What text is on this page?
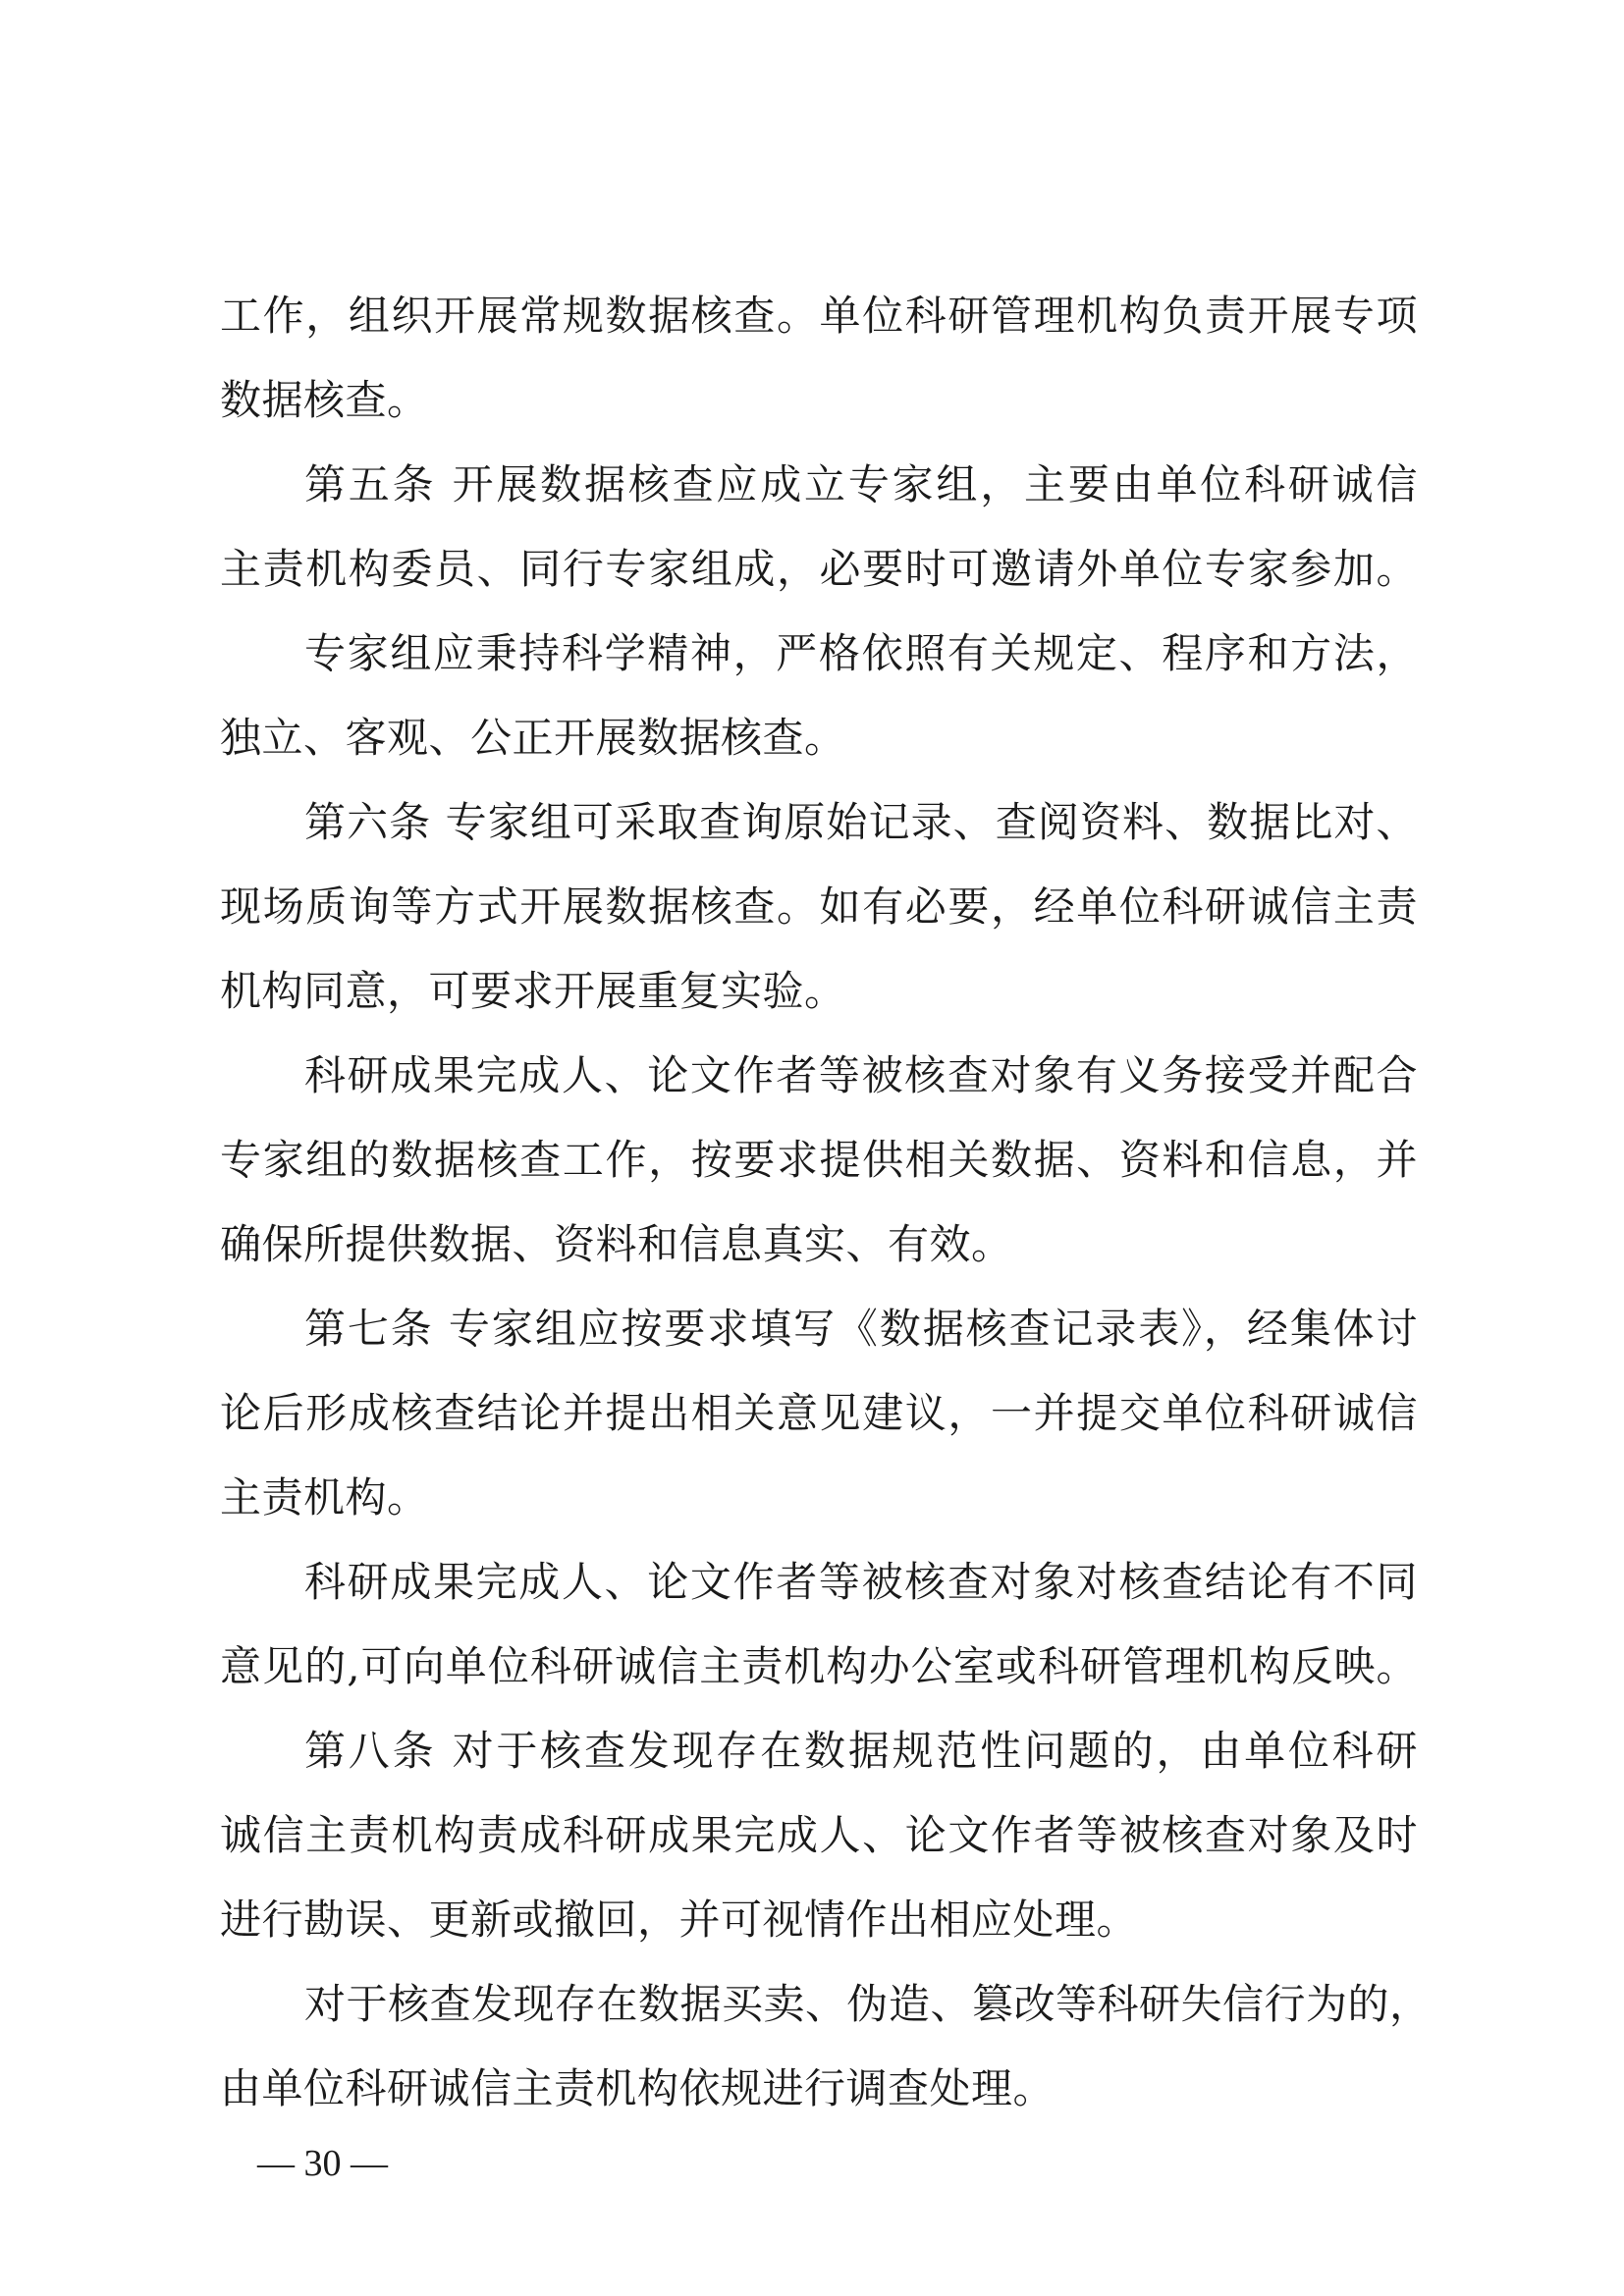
工作，组织开展常规数据核查。单位科研管理机构负责开展专项
数据核查。
第五条 开展数据核查应成立专家组，主要由单位科研诚信
主责机构委员、同行专家组成，必要时可邀请外单位专家参加。
专家组应秉持科学精神，严格依照有关规定、程序和方法，
独立、客观、公正开展数据核查。
第六条 专家组可采取查询原始记录、查阅资料、数据比对、
现场质询等方式开展数据核查。如有必要，经单位科研诚信主责
机构同意，可要求开展重复实验。
科研成果完成人、论文作者等被核查对象有义务接受并配合
专家组的数据核查工作，按要求提供相关数据、资料和信息，并
确保所提供数据、资料和信息真实、有效。
第七条 专家组应按要求填写《数据核查记录表》，经集体讨
论后形成核查结论并提出相关意见建议，一并提交单位科研诚信
主责机构。
科研成果完成人、论文作者等被核查对象对核查结论有不同
意见的,可向单位科研诚信主责机构办公室或科研管理机构反映。
第八条 对于核查发现存在数据规范性问题的，由单位科研
诚信主责机构责成科研成果完成人、论文作者等被核查对象及时
进行勘误、更新或撤回，并可视情作出相应处理。
对于核查发现存在数据买卖、伪造、篡改等科研失信行为的，
由单位科研诚信主责机构依规进行调查处理。
— 30 —
